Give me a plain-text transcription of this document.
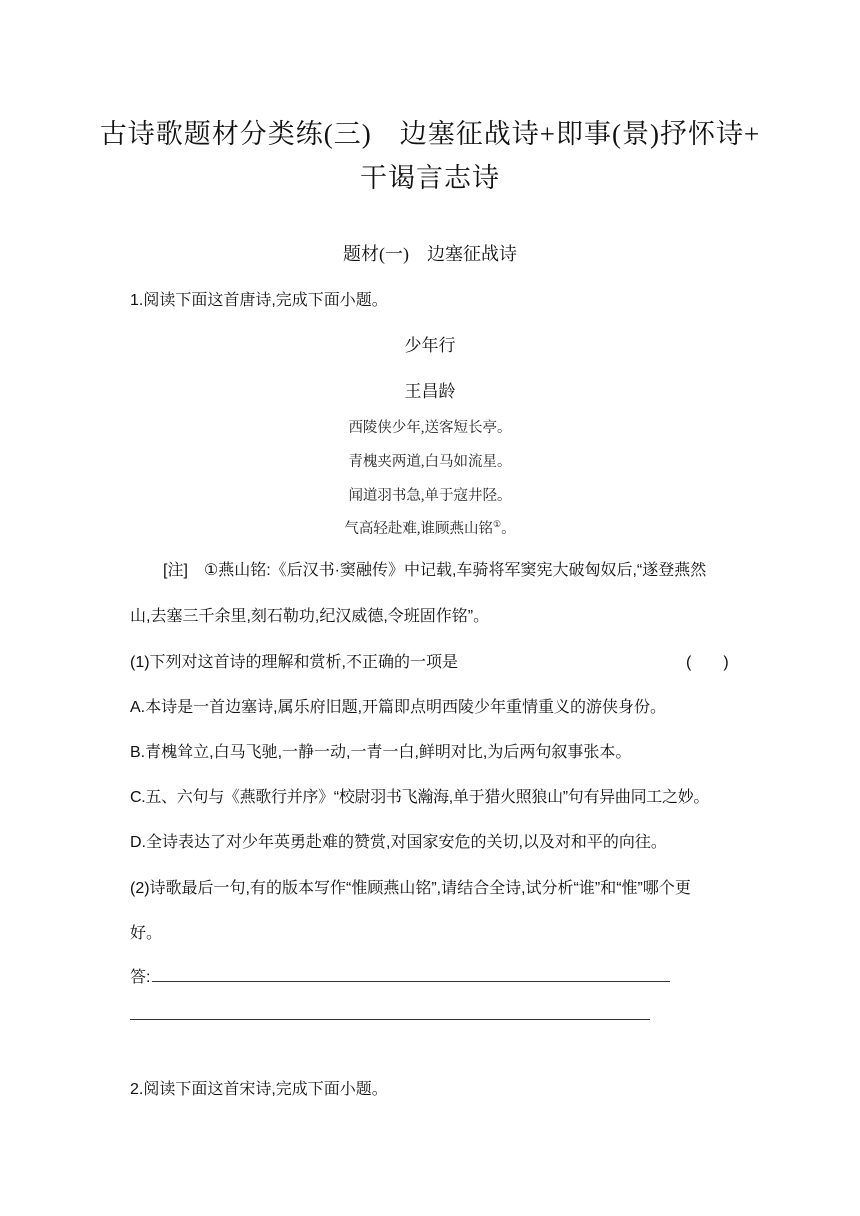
古诗歌题材分类练(三)　边塞征战诗+即事(景)抒怀诗+
干谒言志诗
题材(一)　边塞征战诗
1.阅读下面这首唐诗,完成下面小题。
少年行
王昌龄
西陵侠少年,送客短长亭。
青槐夹两道,白马如流星。
闻道羽书急,单于寇井陉。
气高轻赴难,谁顾燕山铭①。
[注]　①燕山铭:《后汉书·窦融传》中记载,车骑将军窦宪大破匈奴后,“遂登燕然
山,去塞三千余里,刻石勒功,纪汉威德,令班固作铭”。
(1)下列对这首诗的理解和赏析,不正确的一项是	(　　)
A.本诗是一首边塞诗,属乐府旧题,开篇即点明西陵少年重情重义的游侠身份。
B.青槐耸立,白马飞驰,一静一动,一青一白,鲜明对比,为后两句叙事张本。
C.五、六句与《燕歌行并序》“校尉羽书飞瀚海,单于猎火照狼山”句有异曲同工之妙。
D.全诗表达了对少年英勇赴难的赞赏,对国家安危的关切,以及对和平的向往。
(2)诗歌最后一句,有的版本写作“惟顾燕山铭”,请结合全诗,试分析“谁”和“惟”哪个更
好。
答:
2.阅读下面这首宋诗,完成下面小题。
